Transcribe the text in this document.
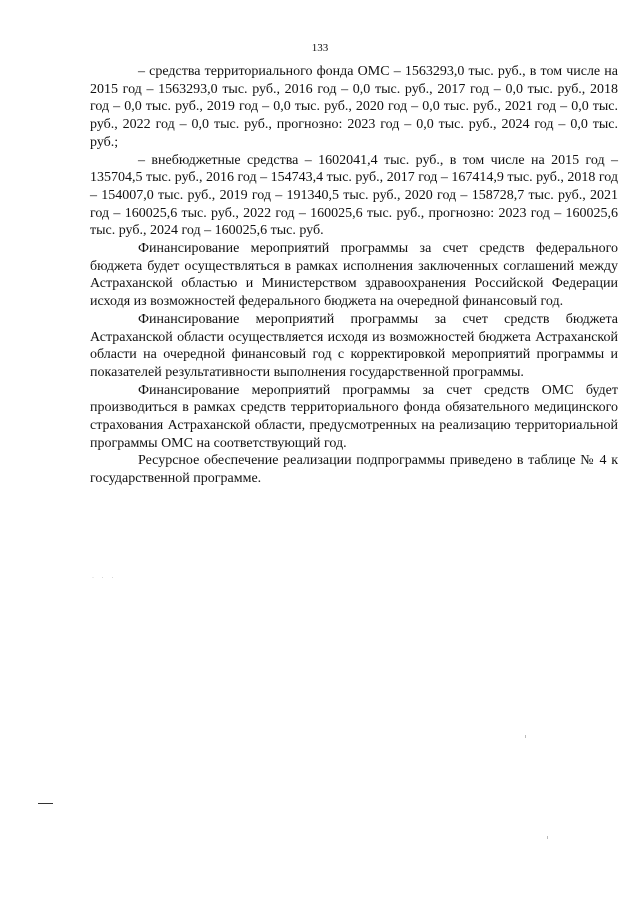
133

– средства территориального фонда ОМС – 1563293,0 тыс. руб., в том числе на 2015 год – 1563293,0 тыс. руб., 2016 год – 0,0 тыс. руб., 2017 год – 0,0 тыс. руб., 2018 год – 0,0 тыс. руб., 2019 год – 0,0 тыс. руб., 2020 год – 0,0 тыс. руб., 2021 год – 0,0 тыс. руб., 2022 год – 0,0 тыс. руб., прогнозно: 2023 год – 0,0 тыс. руб., 2024 год – 0,0 тыс. руб.;

– внебюджетные средства – 1602041,4 тыс. руб., в том числе на 2015 год – 135704,5 тыс. руб., 2016 год – 154743,4 тыс. руб., 2017 год – 167414,9 тыс. руб., 2018 год – 154007,0 тыс. руб., 2019 год – 191340,5 тыс. руб., 2020 год – 158728,7 тыс. руб., 2021 год – 160025,6 тыс. руб., 2022 год – 160025,6 тыс. руб., прогнозно: 2023 год – 160025,6 тыс. руб., 2024 год – 160025,6 тыс. руб.

Финансирование мероприятий программы за счет средств федерального бюджета будет осуществляться в рамках исполнения заключенных соглашений между Астраханской областью и Министерством здравоохранения Российской Федерации исходя из возможностей федерального бюджета на очередной финансовый год.

Финансирование мероприятий программы за счет средств бюджета Астраханской области осуществляется исходя из возможностей бюджета Астраханской области на очередной финансовый год с корректировкой мероприятий программы и показателей результативности выполнения государственной программы.

Финансирование мероприятий программы за счет средств ОМС будет производиться в рамках средств территориального фонда обязательного медицинского страхования Астраханской области, предусмотренных на реализацию территориальной программы ОМС на соответствующий год.

Ресурсное обеспечение реализации подпрограммы приведено в таблице № 4 к государственной программе.

· · ·
